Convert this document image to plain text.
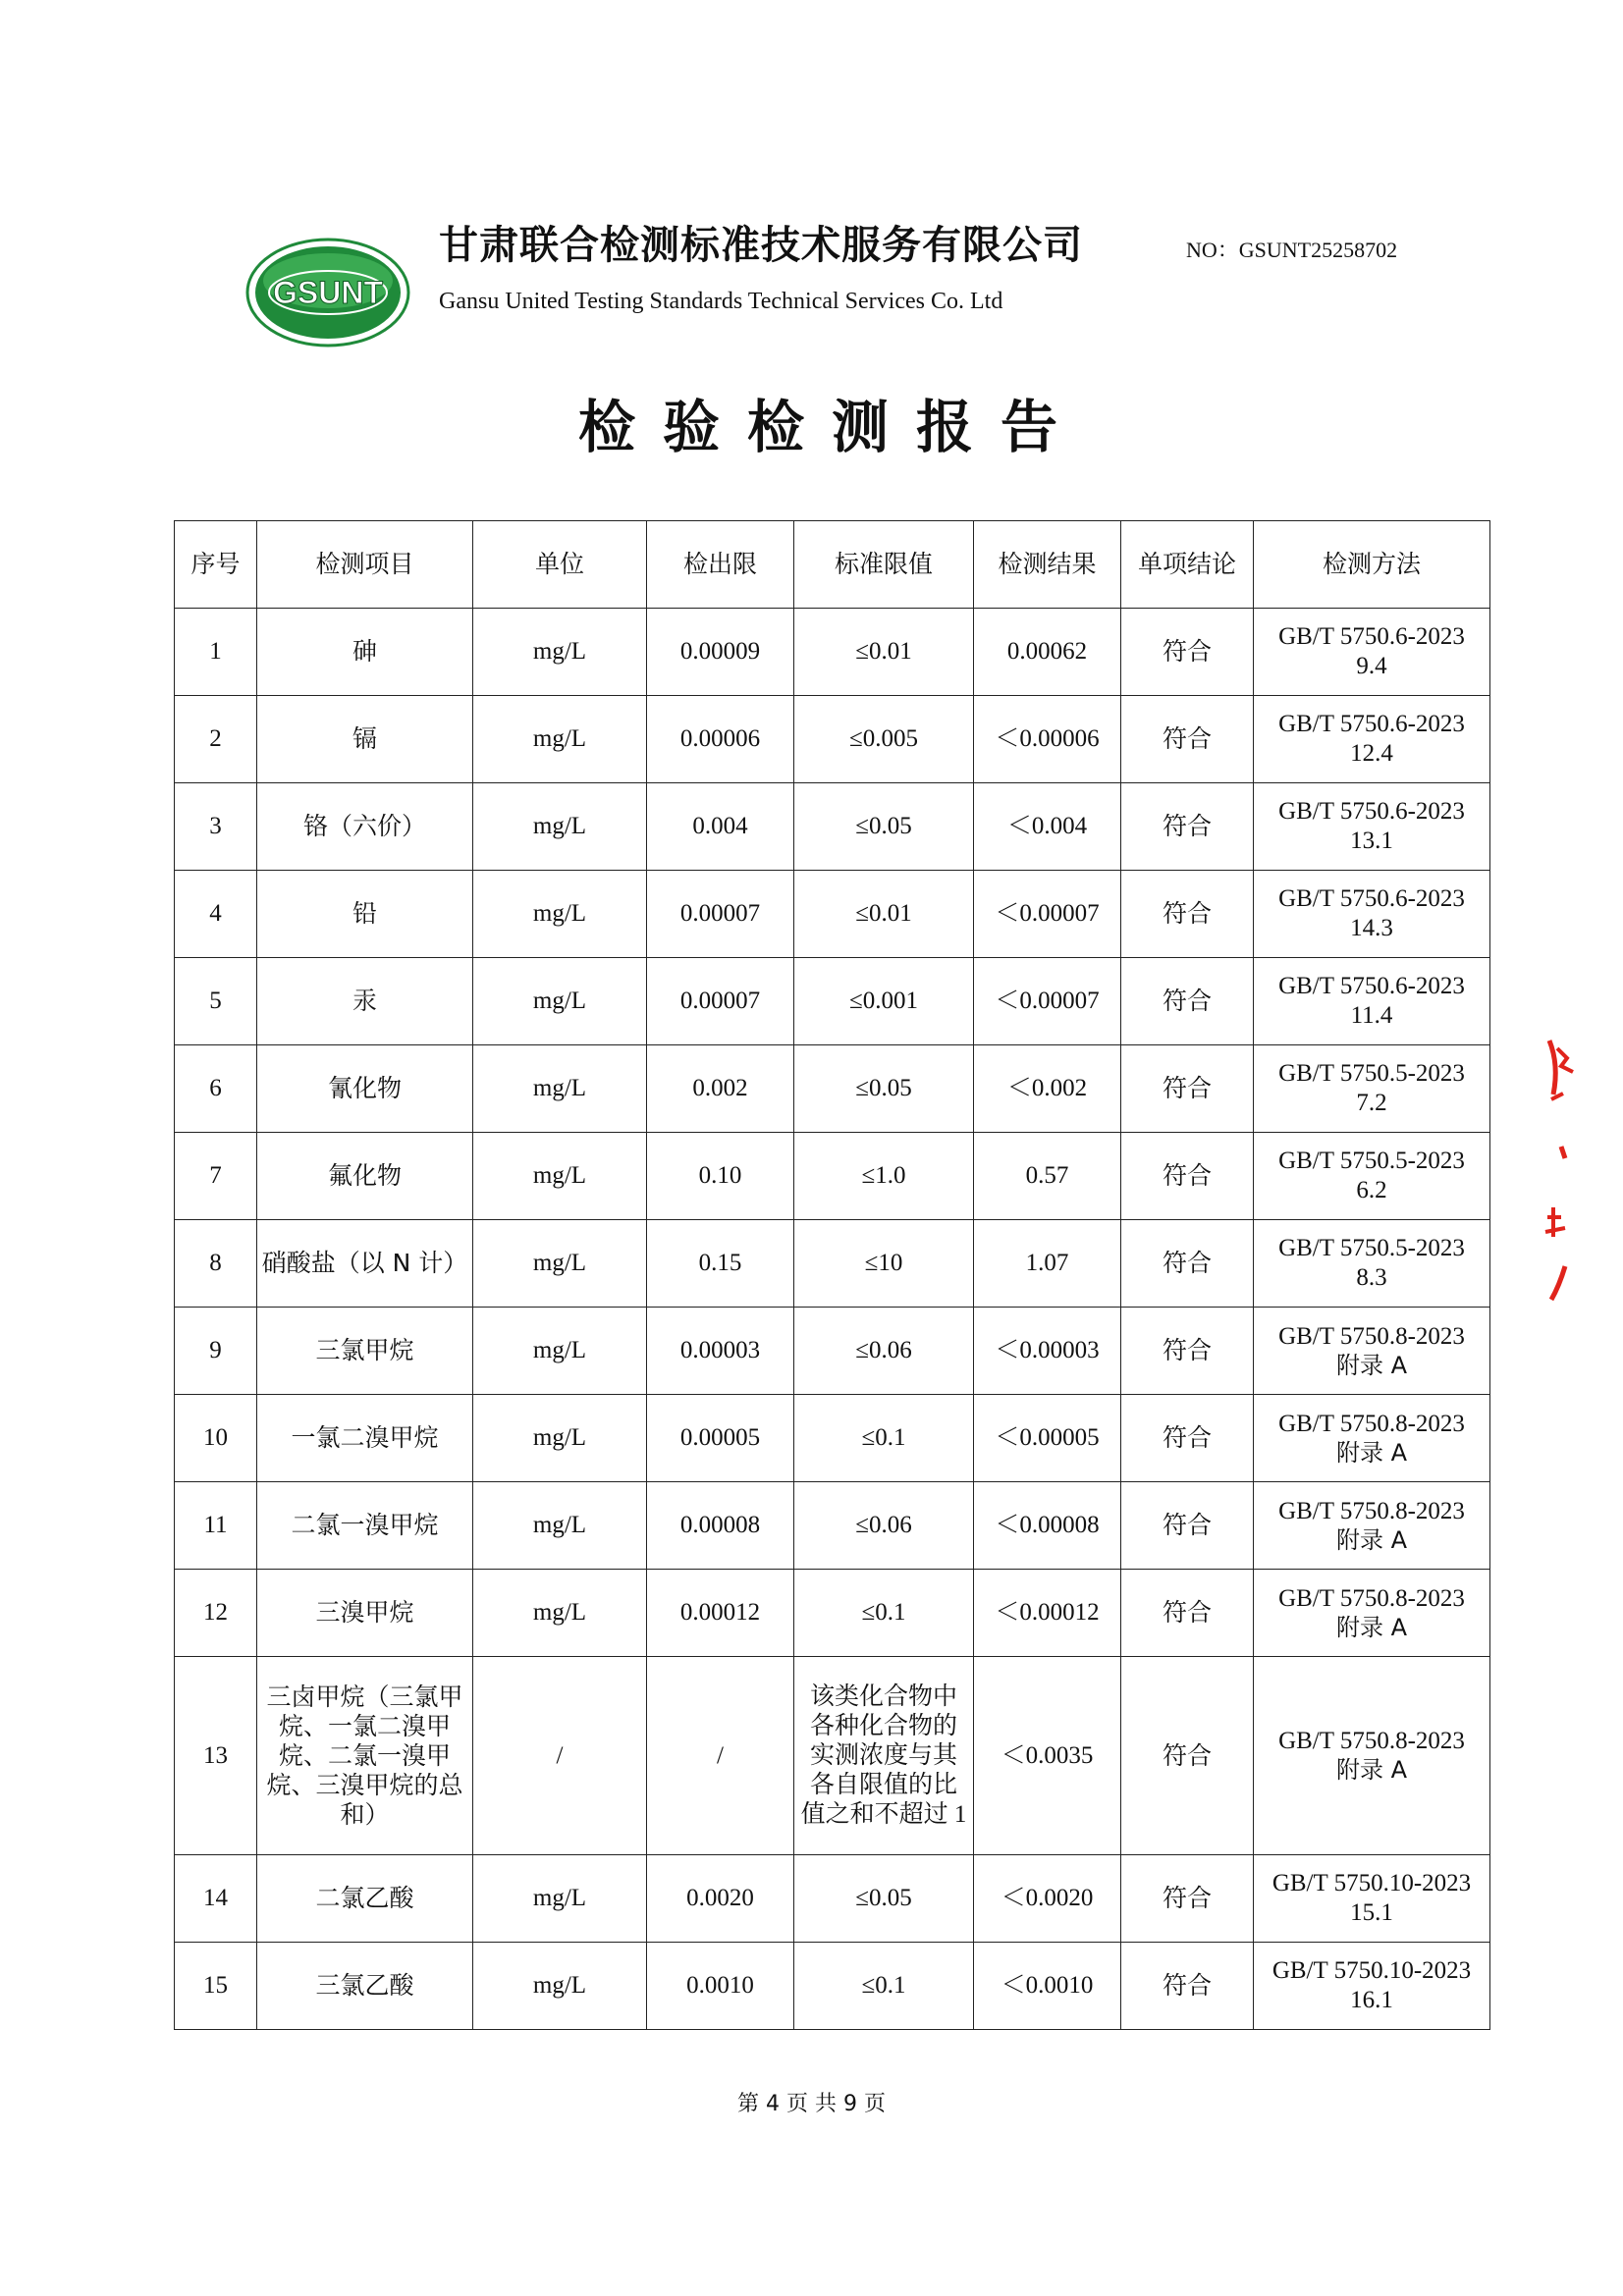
GSUNT
甘肃联合检测标准技术服务有限公司
Gansu United Testing Standards Technical Services Co. Ltd
NO：GSUNT25258702
检验检测报告
序号	检测项目	单位	检出限	标准限值	检测结果	单项结论	检测方法
1	砷	mg/L	0.00009	≤0.01	0.00062	符合	GB/T 5750.6-2023
9.4

2	镉	mg/L	0.00006	≤0.005	＜0.00006	符合	GB/T 5750.6-2023
12.4

3	铬（六价）	mg/L	0.004	≤0.05	＜0.004	符合	GB/T 5750.6-2023
13.1

4	铅	mg/L	0.00007	≤0.01	＜0.00007	符合	GB/T 5750.6-2023
14.3

5	汞	mg/L	0.00007	≤0.001	＜0.00007	符合	GB/T 5750.6-2023
11.4

6	氰化物	mg/L	0.002	≤0.05	＜0.002	符合	GB/T 5750.5-2023
7.2

7	氟化物	mg/L	0.10	≤1.0	0.57	符合	GB/T 5750.5-2023
6.2

8	硝酸盐（以 N 计）	mg/L	0.15	≤10	1.07	符合	GB/T 5750.5-2023
8.3

9	三氯甲烷	mg/L	0.00003	≤0.06	＜0.00003	符合	GB/T 5750.8-2023
附录 A

10	一氯二溴甲烷	mg/L	0.00005	≤0.1	＜0.00005	符合	GB/T 5750.8-2023
附录 A

11	二氯一溴甲烷	mg/L	0.00008	≤0.06	＜0.00008	符合	GB/T 5750.8-2023
附录 A

12	三溴甲烷	mg/L	0.00012	≤0.1	＜0.00012	符合	GB/T 5750.8-2023
附录 A

13	三卤甲烷（三氯甲烷、一氯二溴甲烷、二氯一溴甲烷、三溴甲烷的总和）	/	/	该类化合物中各种化合物的实测浓度与其各自限值的比值之和不超过 1	＜0.0035	符合	GB/T 5750.8-2023
附录 A

14	二氯乙酸	mg/L	0.0020	≤0.05	＜0.0020	符合	GB/T 5750.10-2023
15.1

15	三氯乙酸	mg/L	0.0010	≤0.1	＜0.0010	符合	GB/T 5750.10-2023
16.1
第 4 页 共 9 页
